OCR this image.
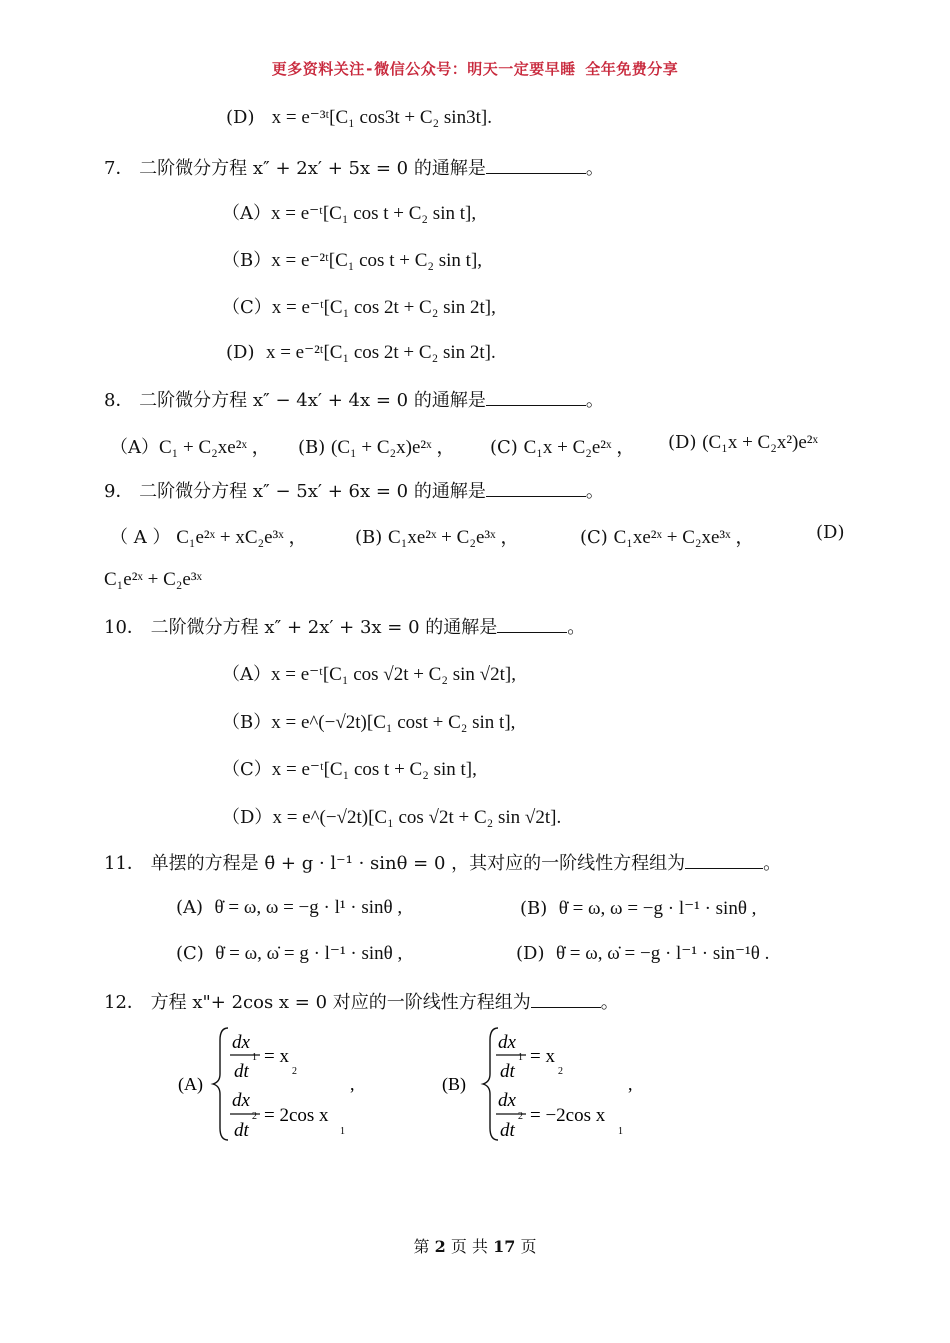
更多资料关注-微信公众号：明天一定要早睡 全年免费分享
(D) x = e⁻³ᵗ[C₁ cos3t + C₂ sin3t].
7． 二阶微分方程 x″ + 2x′ + 5x = 0 的通解是	。
（A）x = e⁻ᵗ[C₁ cos t + C₂ sin t],
（B）x = e⁻²ᵗ[C₁ cos t + C₂ sin t],
（C）x = e⁻ᵗ[C₁ cos 2t + C₂ sin 2t],
(D) x = e⁻²ᵗ[C₁ cos 2t + C₂ sin 2t].
8． 二阶微分方程 x″ − 4x′ + 4x = 0 的通解是	。
（A）C₁ + C₂xe²ˣ ， (B) (C₁ + C₂x)e²ˣ ， (C) C₁x + C₂e²ˣ ， (D) (C₁x + C₂x²)e²ˣ
9． 二阶微分方程 x″ − 5x′ + 6x = 0 的通解是	。
（ A ） C₁e²ˣ + xC₂e³ˣ ，	(B) C₁xe²ˣ + C₂e³ˣ ，	(C) C₁xe²ˣ + C₂xe³ˣ ，	(D)
C₁e²ˣ + C₂e³ˣ
10． 二阶微分方程 x″ + 2x′ + 3x = 0 的通解是	。
（A）x = e⁻ᵗ[C₁ cos √2t + C₂ sin √2t],
（B）x = e^(−√2t)[C₁ cost + C₂ sin t],
（C）x = e⁻ᵗ[C₁ cos t + C₂ sin t],
（D）x = e^(−√2t)[C₁ cos √2t + C₂ sin √2t].
11． 单摆的方程是 θ̈ + g · l⁻¹ · sinθ = 0 ，其对应的一阶线性方程组为	。
(A) θ̇ = ω, ω = −g · l¹ · sinθ ,	(B) θ̇ = ω, ω = −g · l⁻¹ · sinθ ,
(C) θ̇ = ω, ω̇ = g · l⁻¹ · sinθ ,	(D) θ̇ = ω, ω̇ = −g · l⁻¹ · sin⁻¹θ .
12． 方程 x"+ 2cos x = 0 对应的一阶线性方程组为	。
(A)
dx
1
dt
= x
2
dx
2
dt
= 2cos x
1
,	(B)
dx
1
dt
= x
2
dx
2
dt
= −2cos x
1
,
第 2 页 共 17 页
